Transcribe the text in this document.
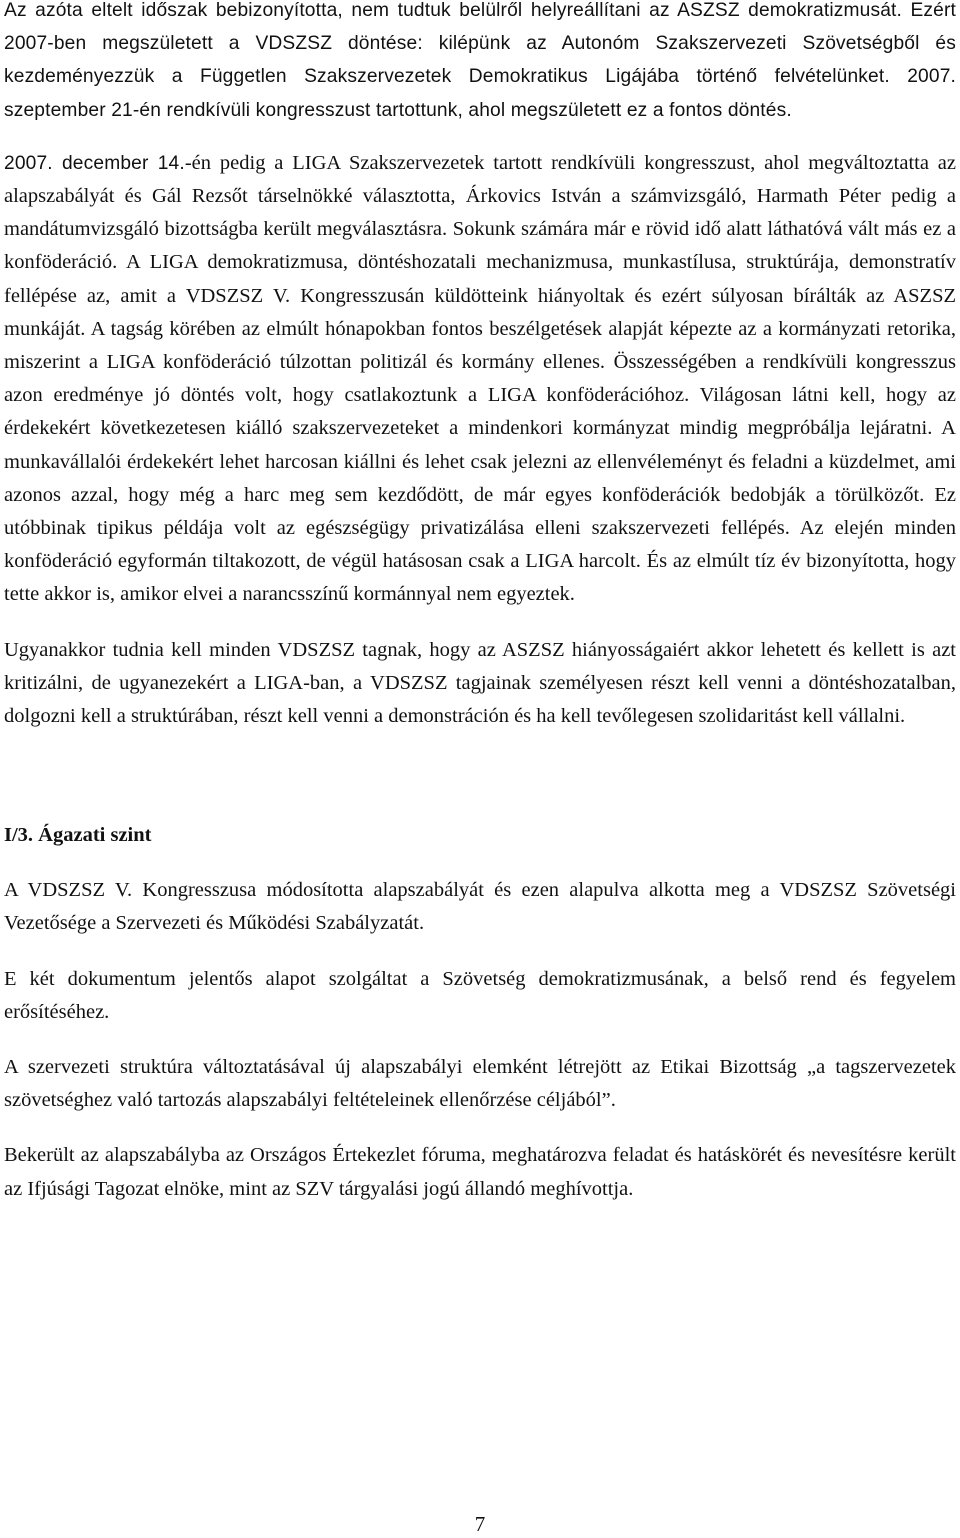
Az azóta eltelt időszak bebizonyította, nem tudtuk belülről helyreállítani az ASZSZ demokratizmusát. Ezért 2007-ben megszületett a VDSZSZ döntése: kilépünk az Autonóm Szakszervezeti Szövetségből és kezdeményezzük a Független Szakszervezetek Demokratikus Ligájába történő felvételünket. 2007. szeptember 21-én rendkívüli kongresszust tartottunk, ahol megszületett ez a fontos döntés.

2007. december 14.-én pedig a LIGA Szakszervezetek tartott rendkívüli kongresszust, ahol megváltoztatta az alapszabályát és Gál Rezsőt társelnökké választotta, Árkovics István a számvizsgáló, Harmath Péter pedig a mandátumvizsgáló bizottságba került megválasztásra. Sokunk számára már e rövid idő alatt láthatóvá vált más ez a konföderáció. A LIGA demokratizmusa, döntéshozatali mechanizmusa, munkastílusa, struktúrája, demonstratív fellépése az, amit a VDSZSZ V. Kongresszusán küldötteink hiányoltak és ezért súlyosan bírálták az ASZSZ munkáját. A tagság körében az elmúlt hónapokban fontos beszélgetések alapját képezte az a kormányzati retorika, miszerint a LIGA konföderáció túlzottan politizál és kormány ellenes. Összességében a rendkívüli kongresszus azon eredménye jó döntés volt, hogy csatlakoztunk a LIGA konföderációhoz. Világosan látni kell, hogy az érdekekért következetesen kiálló szakszervezeteket a mindenkori kormányzat mindig megpróbálja lejáratni. A munkavállalói érdekekért lehet harcosan kiállni és lehet csak jelezni az ellenvéleményt és feladni a küzdelmet, ami azonos azzal, hogy még a harc meg sem kezdődött, de már egyes konföderációk bedobják a törülközőt. Ez utóbbinak tipikus példája volt az egészségügy privatizálása elleni szakszervezeti fellépés. Az elején minden konföderáció egyformán tiltakozott, de végül hatásosan csak a LIGA harcolt. És az elmúlt tíz év bizonyította, hogy tette akkor is, amikor elvei a narancsszínű kormánnyal nem egyeztek.

Ugyanakkor tudnia kell minden VDSZSZ tagnak, hogy az ASZSZ hiányosságaiért akkor lehetett és kellett is azt kritizálni, de ugyanezekért a LIGA-ban, a VDSZSZ tagjainak személyesen részt kell venni a döntéshozatalban, dolgozni kell a struktúrában, részt kell venni a demonstráción és ha kell tevőlegesen szolidaritást kell vállalni.

I/3. Ágazati szint

A VDSZSZ V. Kongresszusa módosította alapszabályát és ezen alapulva alkotta meg a VDSZSZ Szövetségi Vezetősége a Szervezeti és Működési Szabályzatát.

E két dokumentum jelentős alapot szolgáltat a Szövetség demokratizmusának, a belső rend és fegyelem erősítéséhez.

A szervezeti struktúra változtatásával új alapszabályi elemként létrejött az Etikai Bizottság „a tagszervezetek szövetséghez való tartozás alapszabályi feltételeinek ellenőrzése céljából”.

Bekerült az alapszabályba az Országos Értekezlet fóruma, meghatározva feladat és hatáskörét és nevesítésre került az Ifjúsági Tagozat elnöke, mint az SZV tárgyalási jogú állandó meghívottja.

7
